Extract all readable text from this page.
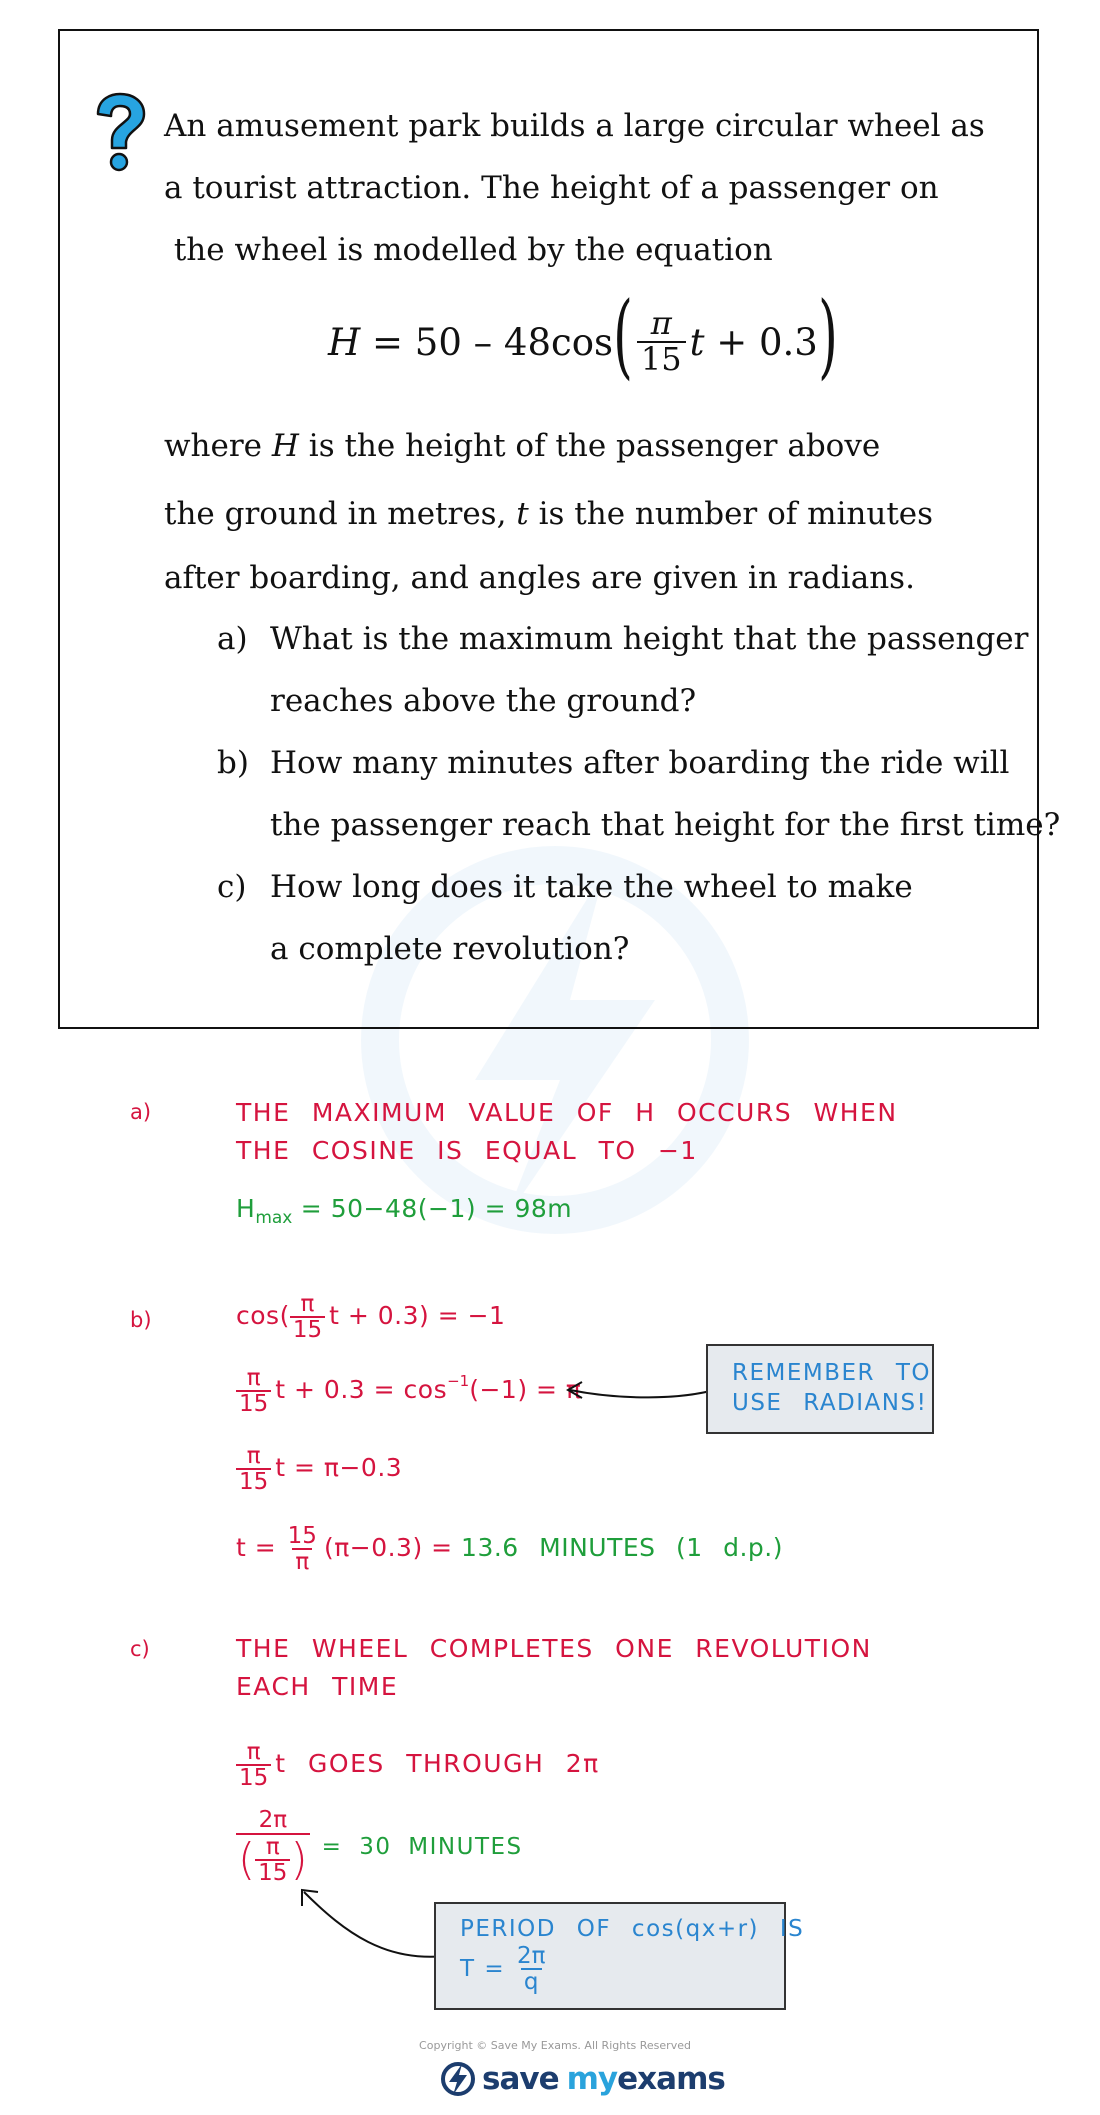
An amusement park builds a large circular wheel as
a tourist attraction. The height of a passenger on
the wheel is modelled by the equation
H = 50 – 48cos ( $\frac{\pi}{15}$ t + 0.3 )
where H is the height of the passenger above
the ground in metres, t is the number of minutes
after boarding, and angles are given in radians.
a) What is the maximum height that the passenger
reaches above the ground?
b) How many minutes after boarding the ride will
the passenger reach that height for the first time?
c) How long does it take the wheel to make
a complete revolution?
a)	THE MAXIMUM VALUE OF H OCCURS WHEN
THE COSINE IS EQUAL TO −1
$H_{max} = 50-48(-1) = 98m$
b)	$\cos( \frac{\pi}{15}$ t + 0.3) = −1
$\frac{\pi}{15}$ $t + 0.3 = \cos^{-1}(-1) = \pi$
$\frac{\pi}{15}$ t = π−0.3
$t = \frac{15}{\pi} (\pi-0.3) = 13.6$ MINUTES (1 d.p.)
REMEMBER TO
USE RADIANS!
c)	THE WHEEL COMPLETES ONE REVOLUTION
EACH TIME
$\frac{\pi}{15}$ t GOES THROUGH 2π
2π
( π
15 ) = 30 MINUTES
PERIOD OF cos(qx+r) IS
$T = \frac{2\pi}{q}$
Copyright © Save My Exams. All Rights Reserved
save myexams
